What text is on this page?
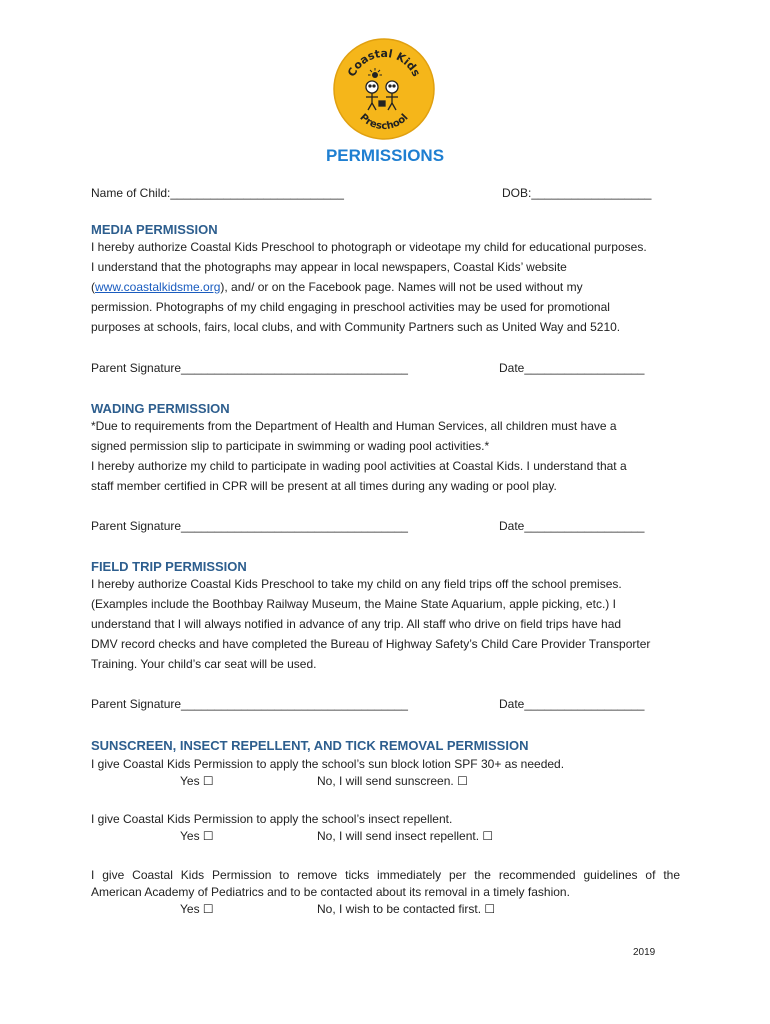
Coastal Kids
Preschool
PERMISSIONS
Name of Child:__________________________	DOB:__________________
MEDIA PERMISSION
I hereby authorize Coastal Kids Preschool to photograph or videotape my child for educational purposes.
I understand that the photographs may appear in local newspapers, Coastal Kids’ website
(www.coastalkidsme.org), and/ or on the Facebook page. Names will not be used without my
permission. Photographs of my child engaging in preschool activities may be used for promotional
purposes at schools, fairs, local clubs, and with Community Partners such as United Way and 5210.
Parent Signature__________________________________	Date__________________
WADING PERMISSION
*Due to requirements from the Department of Health and Human Services, all children must have a
signed permission slip to participate in swimming or wading pool activities.*
I hereby authorize my child to participate in wading pool activities at Coastal Kids. I understand that a
staff member certified in CPR will be present at all times during any wading or pool play.
Parent Signature__________________________________	Date__________________
FIELD TRIP PERMISSION
I hereby authorize Coastal Kids Preschool to take my child on any field trips off the school premises.
(Examples include the Boothbay Railway Museum, the Maine State Aquarium, apple picking, etc.) I
understand that I will always notified in advance of any trip. All staff who drive on field trips have had
DMV record checks and have completed the Bureau of Highway Safety’s Child Care Provider Transporter
Training. Your child’s car seat will be used.
Parent Signature__________________________________	Date__________________
SUNSCREEN, INSECT REPELLENT, AND TICK REMOVAL PERMISSION
I give Coastal Kids Permission to apply the school’s sun block lotion SPF 30+ as needed.
Yes ☐	No, I will send sunscreen. ☐
I give Coastal Kids Permission to apply the school’s insect repellent.
Yes ☐	No, I will send insect repellent. ☐
I give Coastal Kids Permission to remove ticks immediately per the recommended guidelines of the
American Academy of Pediatrics and to be contacted about its removal in a timely fashion.
Yes ☐	No, I wish to be contacted first. ☐
2019
